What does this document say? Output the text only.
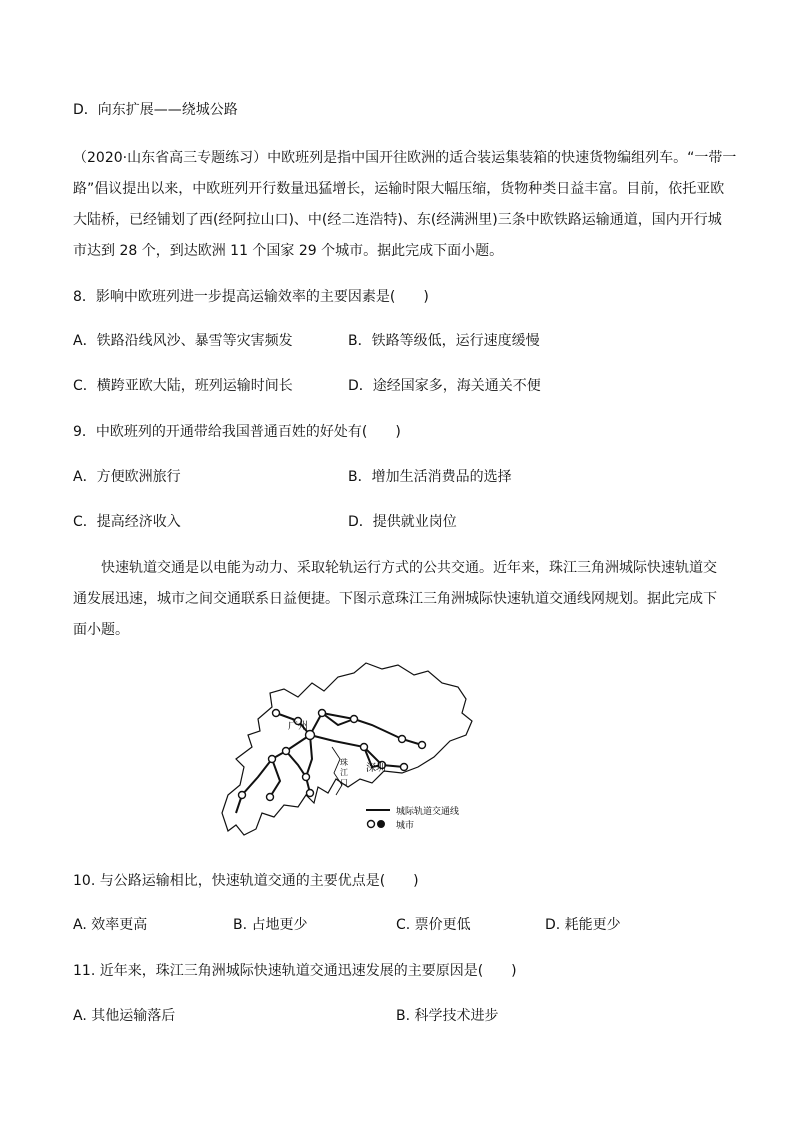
D．向东扩展——绕城公路
（2020·山东省高三专题练习）中欧班列是指中国开往欧洲的适合装运集装箱的快速货物编组列车。“一带一
路”倡议提出以来，中欧班列开行数量迅猛增长，运输时限大幅压缩，货物种类日益丰富。目前，依托亚欧
大陆桥，已经铺划了西(经阿拉山口)、中(经二连浩特)、东(经满洲里)三条中欧铁路运输通道，国内开行城
市达到 28 个，到达欧洲 11 个国家 29 个城市。据此完成下面小题。
8．影响中欧班列进一步提高运输效率的主要因素是(　　)
A．铁路沿线风沙、暴雪等灾害频发	B．铁路等级低，运行速度缓慢
C．横跨亚欧大陆，班列运输时间长	D．途经国家多，海关通关不便
9．中欧班列的开通带给我国普通百姓的好处有(　　)
A．方便欧洲旅行	B．增加生活消费品的选择
C．提高经济收入	D．提供就业岗位
快速轨道交通是以电能为动力、采取轮轨运行方式的公共交通。近年来，珠江三角洲城际快速轨道交
通发展迅速，城市之间交通联系日益便捷。下图示意珠江三角洲城际快速轨道交通线网规划。据此完成下
面小题。
广州
深圳
珠
江
口
城际轨道交通线
城市
10. 与公路运输相比，快速轨道交通的主要优点是(　　)
A. 效率更高	B. 占地更少	C. 票价更低	D. 耗能更少
11. 近年来，珠江三角洲城际快速轨道交通迅速发展的主要原因是(　　)
A. 其他运输落后	B. 科学技术进步
